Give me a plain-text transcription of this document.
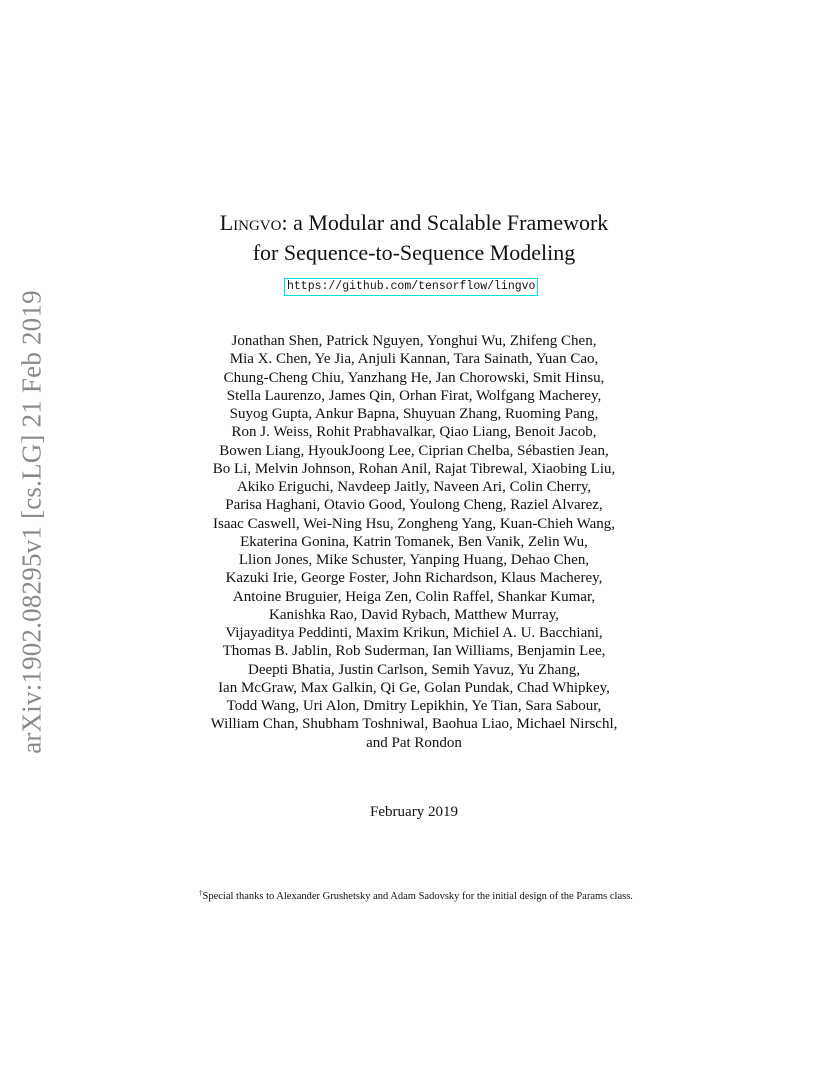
arXiv:1902.08295v1 [cs.LG] 21 Feb 2019
Lingvo: a Modular and Scalable Framework
for Sequence-to-Sequence Modeling
https://github.com/tensorflow/lingvo
Jonathan Shen, Patrick Nguyen, Yonghui Wu, Zhifeng Chen,
Mia X. Chen, Ye Jia, Anjuli Kannan, Tara Sainath, Yuan Cao,
Chung-Cheng Chiu, Yanzhang He, Jan Chorowski, Smit Hinsu,
Stella Laurenzo, James Qin, Orhan Firat, Wolfgang Macherey,
Suyog Gupta, Ankur Bapna, Shuyuan Zhang, Ruoming Pang,
Ron J. Weiss, Rohit Prabhavalkar, Qiao Liang, Benoit Jacob,
Bowen Liang, HyoukJoong Lee, Ciprian Chelba, Sébastien Jean,
Bo Li, Melvin Johnson, Rohan Anil, Rajat Tibrewal, Xiaobing Liu,
Akiko Eriguchi, Navdeep Jaitly, Naveen Ari, Colin Cherry,
Parisa Haghani, Otavio Good, Youlong Cheng, Raziel Alvarez,
Isaac Caswell, Wei-Ning Hsu, Zongheng Yang, Kuan-Chieh Wang,
Ekaterina Gonina, Katrin Tomanek, Ben Vanik, Zelin Wu,
Llion Jones, Mike Schuster, Yanping Huang, Dehao Chen,
Kazuki Irie, George Foster, John Richardson, Klaus Macherey,
Antoine Bruguier, Heiga Zen, Colin Raffel, Shankar Kumar,
Kanishka Rao, David Rybach, Matthew Murray,
Vijayaditya Peddinti, Maxim Krikun, Michiel A. U. Bacchiani,
Thomas B. Jablin, Rob Suderman, Ian Williams, Benjamin Lee,
Deepti Bhatia, Justin Carlson, Semih Yavuz, Yu Zhang,
Ian McGraw, Max Galkin, Qi Ge, Golan Pundak, Chad Whipkey,
Todd Wang, Uri Alon, Dmitry Lepikhin, Ye Tian, Sara Sabour,
William Chan, Shubham Toshniwal, Baohua Liao, Michael Nirschl,
and Pat Rondon
February 2019
†Special thanks to Alexander Grushetsky and Adam Sadovsky for the initial design of the Params class.
